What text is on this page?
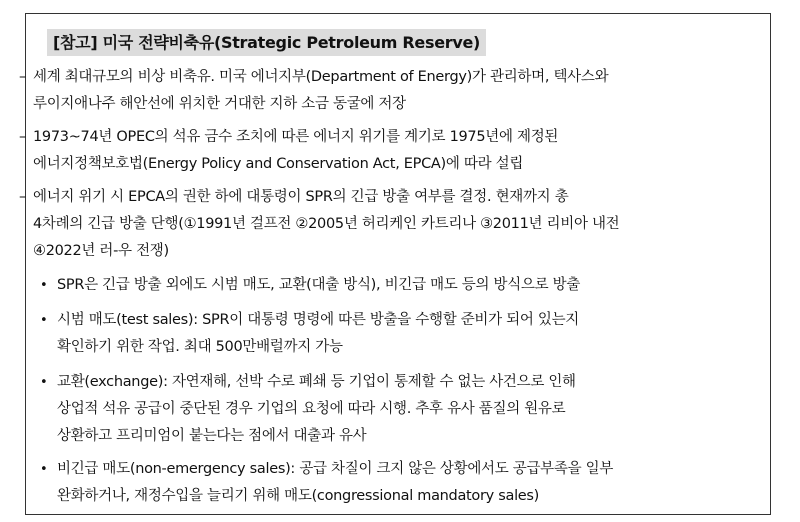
[참고] 미국 전략비축유(Strategic Petroleum Reserve)
– 세계 최대규모의 비상 비축유. 미국 에너지부(Department of Energy)가 관리하며, 텍사스와

루이지애나주 해안선에 위치한 거대한 지하 소금 동굴에 저장

– 1973~74년 OPEC의 석유 금수 조치에 따른 에너지 위기를 계기로 1975년에 제정된

에너지정책보호법(Energy Policy and Conservation Act, EPCA)에 따라 설립

– 에너지 위기 시 EPCA의 권한 하에 대통령이 SPR의 긴급 방출 여부를 결정. 현재까지 총

4차례의 긴급 방출 단행(①1991년 걸프전 ②2005년 허리케인 카트리나 ③2011년 리비아 내전

④2022년 러-우 전쟁)

• SPR은 긴급 방출 외에도 시범 매도, 교환(대출 방식), 비긴급 매도 등의 방식으로 방출

• 시범 매도(test sales): SPR이 대통령 명령에 따른 방출을 수행할 준비가 되어 있는지

확인하기 위한 작업. 최대 500만배럴까지 가능

• 교환(exchange): 자연재해, 선박 수로 폐쇄 등 기업이 통제할 수 없는 사건으로 인해

상업적 석유 공급이 중단된 경우 기업의 요청에 따라 시행. 추후 유사 품질의 원유로

상환하고 프리미엄이 붙는다는 점에서 대출과 유사

• 비긴급 매도(non-emergency sales): 공급 차질이 크지 않은 상황에서도 공급부족을 일부

완화하거나, 재정수입을 늘리기 위해 매도(congressional mandatory sales)
